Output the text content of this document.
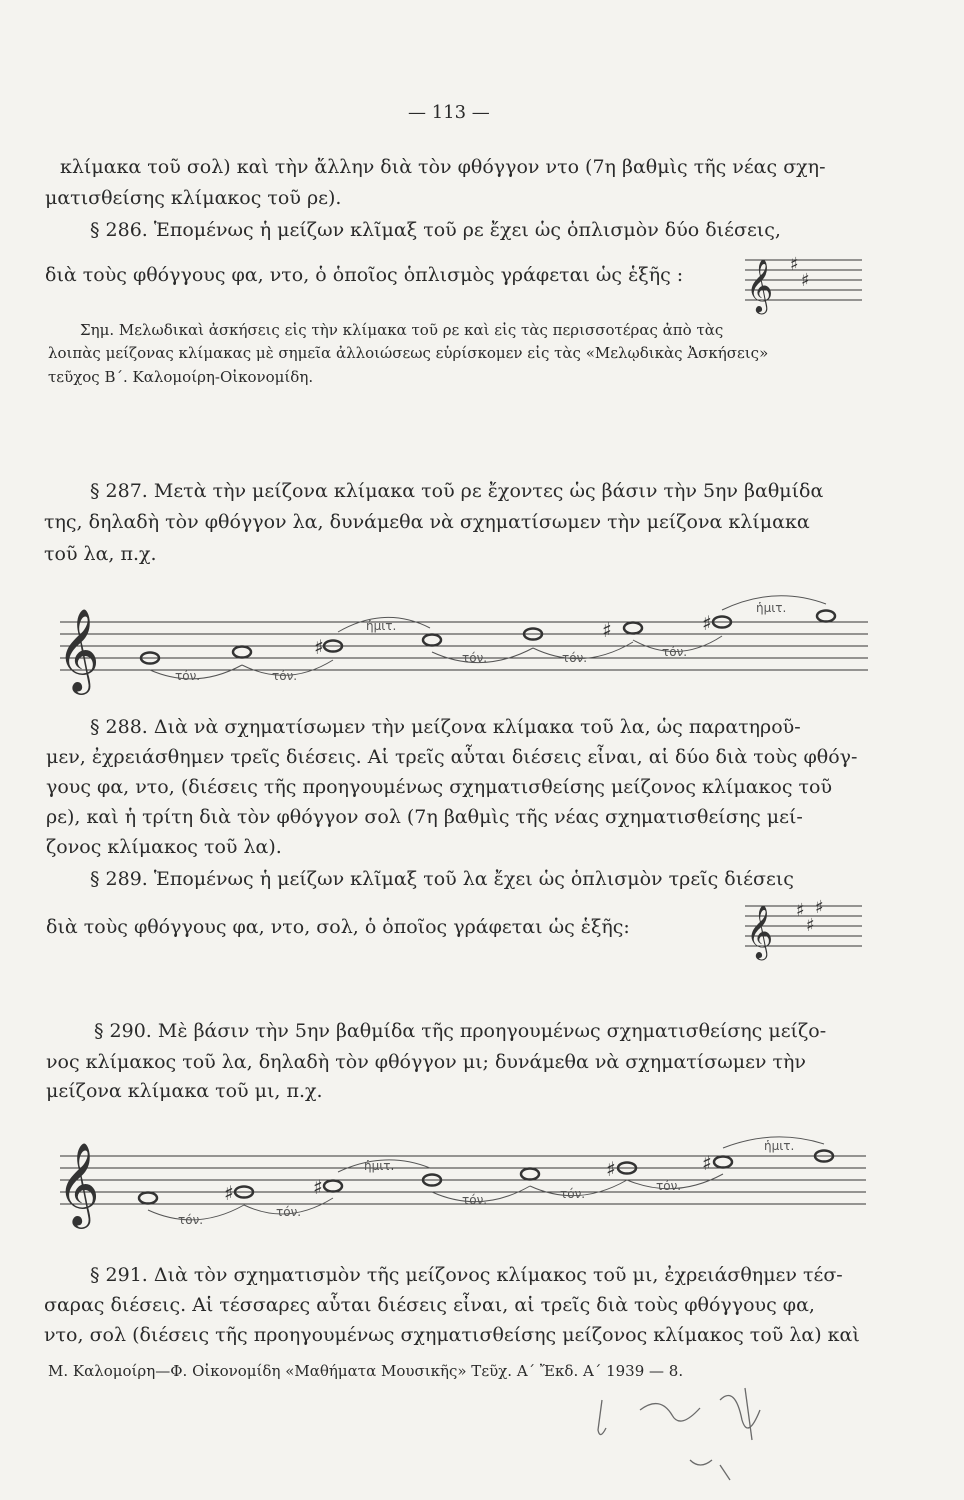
— 113 —
κλίμακα τοῦ σολ) καὶ τὴν ἄλλην διὰ τὸν φθόγγον ντο (7η βαθμὶς τῆς νέας σχη-
ματισθείσης κλίμακος τοῦ ρε).
§ 286. Ἑπομένως ἡ μείζων κλῖμαξ τοῦ ρε ἔχει ὡς ὁπλισμὸν δύο διέσεις,
διὰ τοὺς φθόγγους φα, ντο, ὁ ὁποῖος ὁπλισμὸς γράφεται ὡς ἑξῆς : 𝄞 ♯
♯
Σημ. Μελωδικαὶ ἀσκήσεις εἰς τὴν κλίμακα τοῦ ρε καὶ εἰς τὰς περισσοτέρας ἀπὸ τὰς
λοιπὰς μείζονας κλίμακας μὲ σημεῖα ἀλλοιώσεως εὑρίσκομεν εἰς τὰς «Μελῳδικὰς Ἀσκήσεις»
τεῦχος Β΄. Καλομοίρη-Οἰκονομίδη.
§ 287. Μετὰ τὴν μείζονα κλίμακα τοῦ ρε ἔχοντες ὡς βάσιν τὴν 5ην βαθμίδα
της, δηλαδὴ τὸν φθόγγον λα, δυνάμεθα νὰ σχηματίσωμεν τὴν μείζονα κλίμακα
τοῦ λα, π.χ.
𝄞	♯
♯	♯
τόν.	τόν.
ἡμιτ.
τόν.	τόν.	τόν.
ἡμιτ.
§ 288. Διὰ νὰ σχηματίσωμεν τὴν μείζονα κλίμακα τοῦ λα, ὡς παρατηροῦ-
μεν, ἐχρειάσθημεν τρεῖς διέσεις. Αἱ τρεῖς αὗται διέσεις εἶναι, αἱ δύο διὰ τοὺς φθόγ-
γους φα, ντο, (διέσεις τῆς προηγουμένως σχηματισθείσης μείζονος κλίμακος τοῦ
ρε), καὶ ἡ τρίτη διὰ τὸν φθόγγον σολ (7η βαθμὶς τῆς νέας σχηματισθείσης μεί-
ζονος κλίμακος τοῦ λα).
§ 289. Ἑπομένως ἡ μείζων κλῖμαξ τοῦ λα ἔχει ὡς ὁπλισμὸν τρεῖς διέσεις
διὰ τοὺς φθόγγους φα, ντο, σολ, ὁ ὁποῖος γράφεται ὡς ἑξῆς:	𝄞 ♯
♯
♯
§ 290. Μὲ βάσιν τὴν 5ην βαθμίδα τῆς προηγουμένως σχηματισθείσης μείζο-
νος κλίμακος τοῦ λα, δηλαδὴ τὸν φθόγγον μι; δυνάμεθα νὰ σχηματίσωμεν τὴν
μείζονα κλίμακα τοῦ μι, π.χ.
𝄞	♯	♯
♯	♯
τόν.
τόν.
ἡμιτ.
τόν.	τόν.
τόν.
ἡμιτ.
§ 291. Διὰ τὸν σχηματισμὸν τῆς μείζονος κλίμακος τοῦ μι, ἐχρειάσθημεν τέσ-
σαρας διέσεις. Αἱ τέσσαρες αὗται διέσεις εἶναι, αἱ τρεῖς διὰ τοὺς φθόγγους φα,
ντο, σολ (διέσεις τῆς προηγουμένως σχηματισθείσης μείζονος κλίμακος τοῦ λα) καὶ
Μ. Καλομοίρη—Φ. Οἰκονομίδη «Μαθήματα Μουσικῆς» Τεῦχ. Α΄ Ἔκδ. Α΄ 1939 — 8.
